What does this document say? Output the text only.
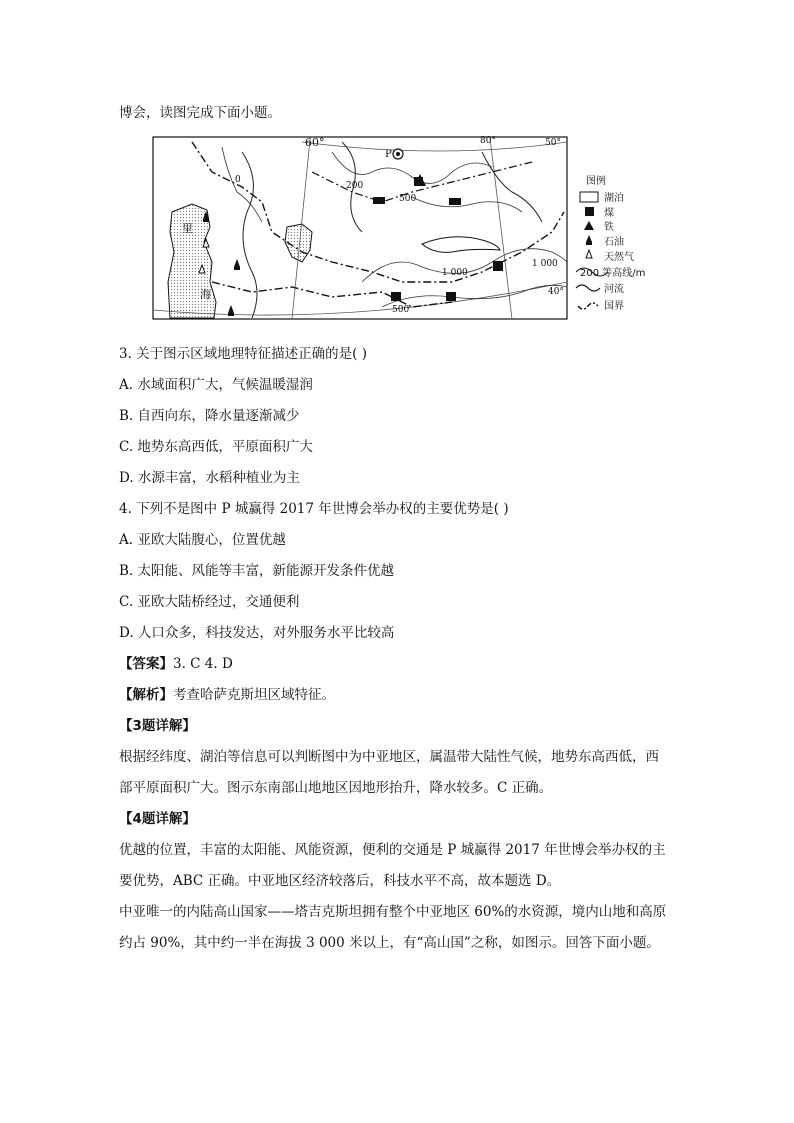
博会，读图完成下面小题。
60°	80°	50°
40°
P
200
500
1 000
1 000
500
0
里
海
图例
湖泊
煤
铁
石油
天然气
200 等高线/m
河流
国界
3. 关于图示区域地理特征描述正确的是( )
A. 水域面积广大，气候温暖湿润
B. 自西向东，降水量逐渐减少
C. 地势东高西低，平原面积广大
D. 水源丰富，水稻种植业为主
4. 下列不是图中 P 城赢得 2017 年世博会举办权的主要优势是( )
A. 亚欧大陆腹心，位置优越
B. 太阳能、风能等丰富，新能源开发条件优越
C. 亚欧大陆桥经过，交通便利
D. 人口众多，科技发达，对外服务水平比较高
【答案】3. C 4. D
【解析】考查哈萨克斯坦区域特征。
【3题详解】
根据经纬度、湖泊等信息可以判断图中为中亚地区，属温带大陆性气候，地势东高西低，西
部平原面积广大。图示东南部山地地区因地形抬升，降水较多。C 正确。
【4题详解】
优越的位置，丰富的太阳能、风能资源，便利的交通是 P 城赢得 2017 年世博会举办权的主
要优势，ABC 正确。中亚地区经济较落后，科技水平不高，故本题选 D。
中亚唯一的内陆高山国家——塔吉克斯坦拥有整个中亚地区 60%的水资源，境内山地和高原
约占 90%，其中约一半在海拔 3 000 米以上，有“高山国”之称，如图示。回答下面小题。
